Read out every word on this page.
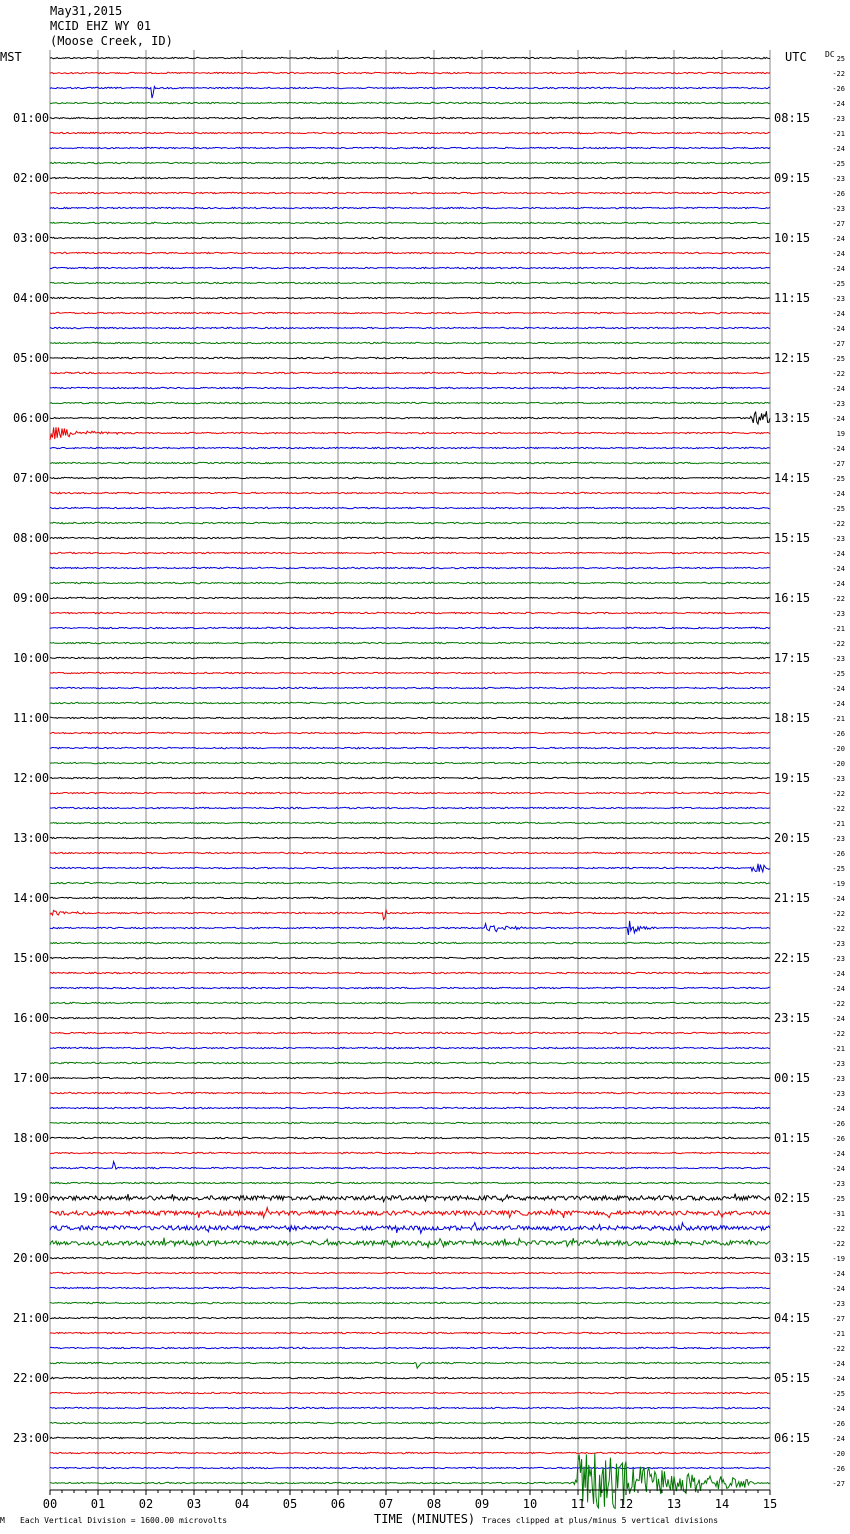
May31,2015
MCID EHZ WY 01
(Moose Creek, ID)
MST	UTC DC
01:00
02:00
03:00
04:00
05:00
06:00
07:00
08:00
09:00
10:00
11:00
12:00
13:00
14:00
15:00
16:00
17:00
18:00
19:00
20:00
21:00
22:00
23:00
08:15
09:15
10:15
11:15
12:15
13:15
14:15
15:15
16:15
17:15
18:15
19:15
20:15
21:15
22:15
23:15
00:15
01:15
02:15
03:15
04:15
05:15
06:15
25
-22
-26
-24
-23
-21
-24
-25
-23
-26
-23
-27
-24
-24
-24
-25
-23
-24
-24
-27
-25
-22
-24
-23
-24
19
-24
-27
-25
-24
-25
-22
-23
-24
-24
-24
-22
-23
-21
-22
-23
-25
-24
-24
-21
-26
-20
-20
-23
-22
-22
-21
-23
-26
-25
-19
-24
-22
-22
-23
-23
-24
-24
-22
-24
-22
-21
-23
-23
-23
-24
-26
-26
-24
-24
-23
-25
-31
-22
-22
-19
-24
-24
-23
-27
-21
-22
-24
-24
-25
-24
-26
-24
-20
-26
-27
00	01	02	03	04	05	06	07	08	09	10	11	12	13	14	15
TIME (MINUTES)
M Each Vertical Division = 1600.00 microvolts	Traces clipped at plus/minus 5 vertical divisions
